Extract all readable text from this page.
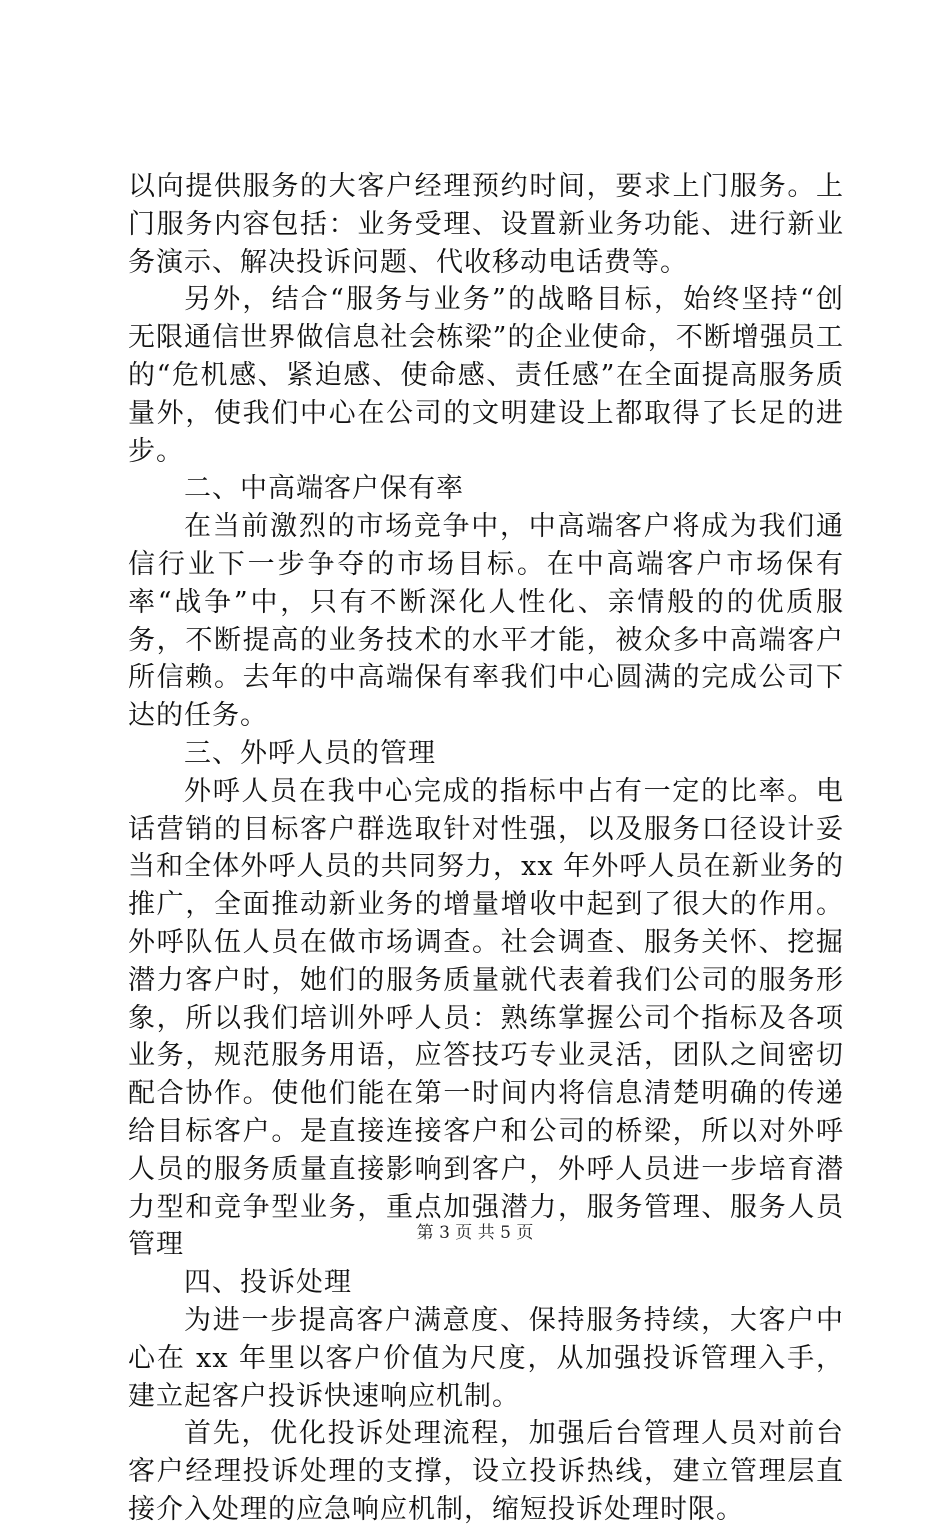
以向提供服务的大客户经理预约时间，要求上门服务。上门服务内容包括：业务受理、设置新业务功能、进行新业务演示、解决投诉问题、代收移动电话费等。

另外，结合“服务与业务”的战略目标，始终坚持“创无限通信世界做信息社会栋梁”的企业使命，不断增强员工的“危机感、紧迫感、使命感、责任感”在全面提高服务质量外，使我们中心在公司的文明建设上都取得了长足的进步。

二、中高端客户保有率

在当前激烈的市场竞争中，中高端客户将成为我们通信行业下一步争夺的市场目标。在中高端客户市场保有率“战争”中，只有不断深化人性化、亲情般的的优质服务，不断提高的业务技术的水平才能，被众多中高端客户所信赖。去年的中高端保有率我们中心圆满的完成公司下达的任务。

三、外呼人员的管理

外呼人员在我中心完成的指标中占有一定的比率。电话营销的目标客户群选取针对性强，以及服务口径设计妥当和全体外呼人员的共同努力，xx 年外呼人员在新业务的推广，全面推动新业务的增量增收中起到了很大的作用。外呼队伍人员在做市场调查。社会调查、服务关怀、挖掘潜力客户时，她们的服务质量就代表着我们公司的服务形象，所以我们培训外呼人员：熟练掌握公司个指标及各项业务，规范服务用语，应答技巧专业灵活，团队之间密切配合协作。使他们能在第一时间内将信息清楚明确的传递给目标客户。是直接连接客户和公司的桥梁，所以对外呼人员的服务质量直接影响到客户，外呼人员进一步培育潜力型和竞争型业务，重点加强潜力，服务管理、服务人员管理

四、投诉处理

为进一步提高客户满意度、保持服务持续，大客户中心在 xx 年里以客户价值为尺度，从加强投诉管理入手，建立起客户投诉快速响应机制。

首先，优化投诉处理流程，加强后台管理人员对前台客户经理投诉处理的支撑，设立投诉热线，建立管理层直接介入处理的应急响应机制，缩短投诉处理时限。

第 3 页 共 5 页
